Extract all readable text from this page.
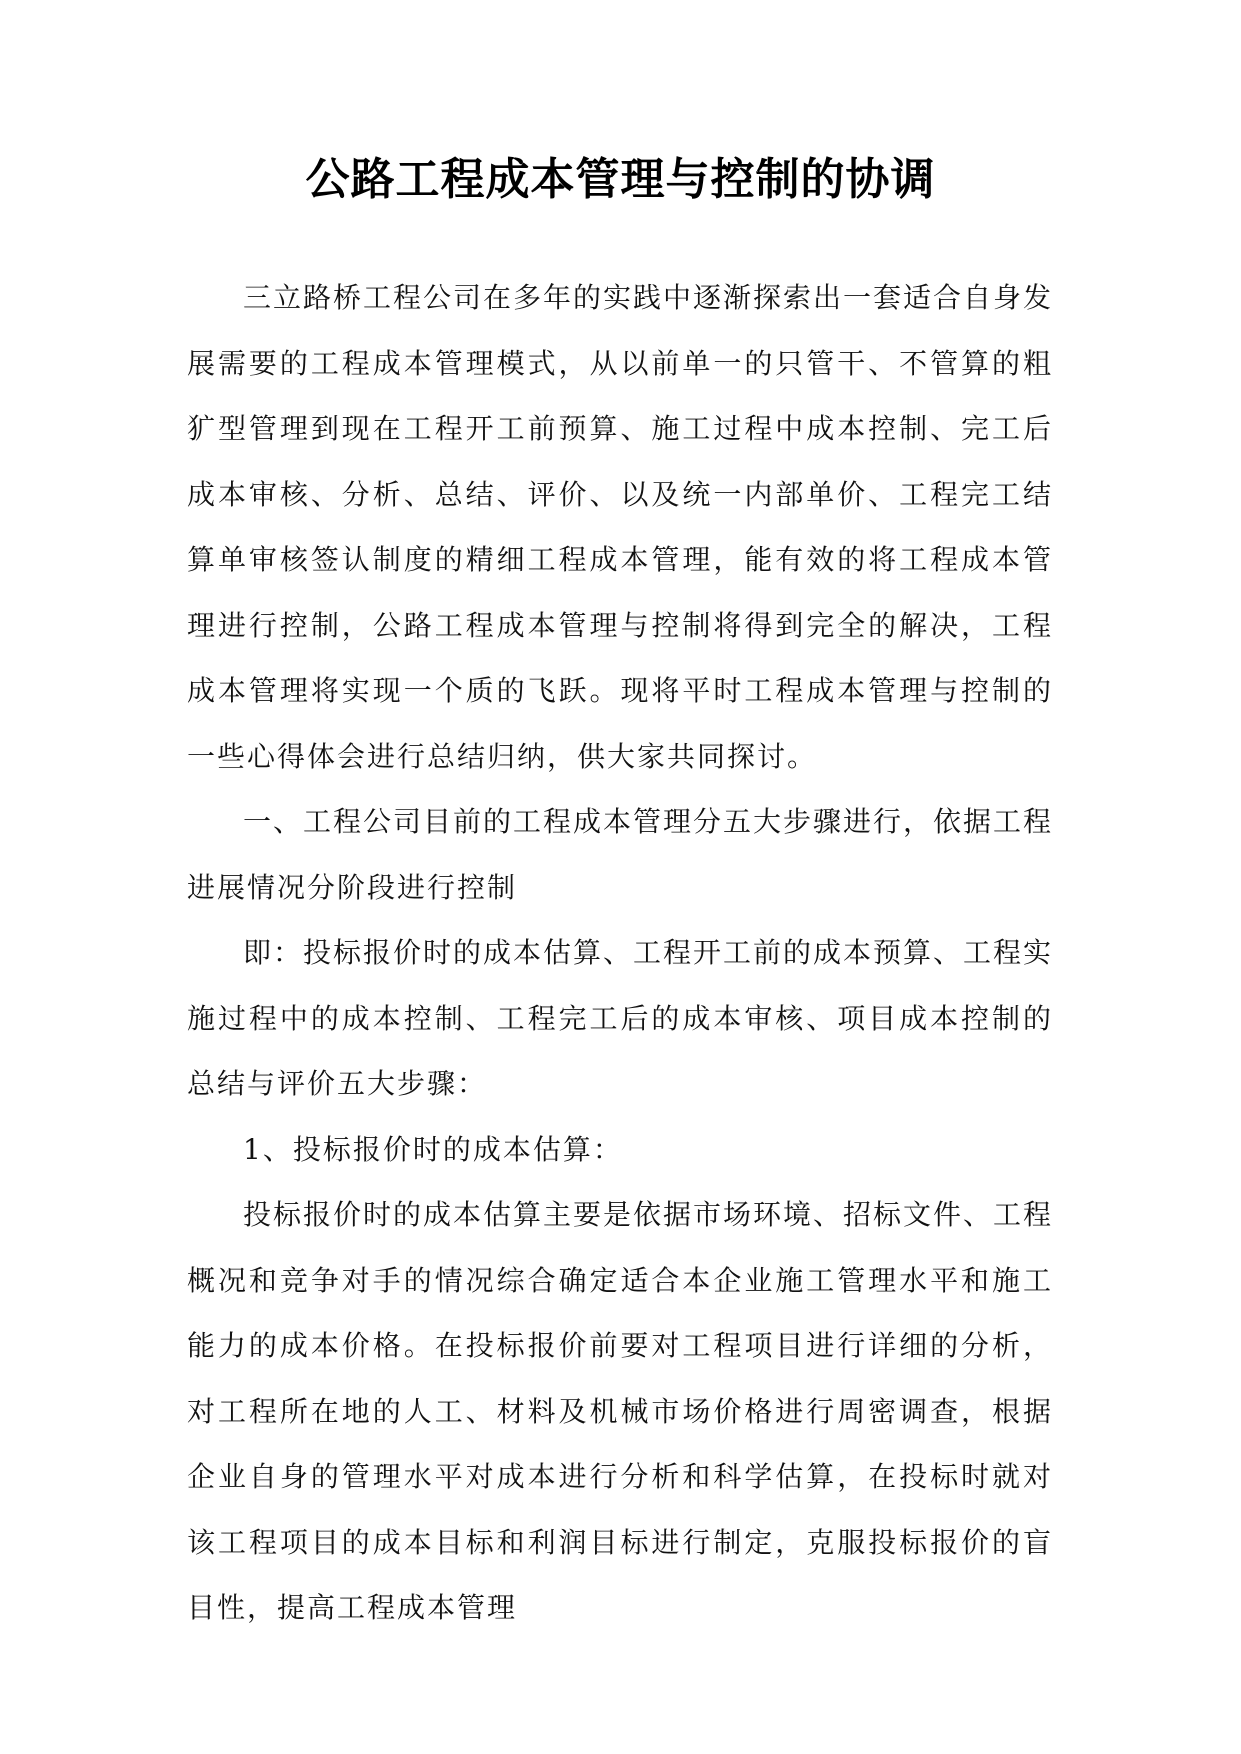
公路工程成本管理与控制的协调

三立路桥工程公司在多年的实践中逐渐探索出一套适合自身发展需要的工程成本管理模式，从以前单一的只管干、不管算的粗犷型管理到现在工程开工前预算、施工过程中成本控制、完工后成本审核、分析、总结、评价、以及统一内部单价、工程完工结算单审核签认制度的精细工程成本管理，能有效的将工程成本管理进行控制，公路工程成本管理与控制将得到完全的解决，工程成本管理将实现一个质的飞跃。现将平时工程成本管理与控制的一些心得体会进行总结归纳，供大家共同探讨。

一、工程公司目前的工程成本管理分五大步骤进行，依据工程进展情况分阶段进行控制

即：投标报价时的成本估算、工程开工前的成本预算、工程实施过程中的成本控制、工程完工后的成本审核、项目成本控制的总结与评价五大步骤：

1、投标报价时的成本估算：

投标报价时的成本估算主要是依据市场环境、招标文件、工程概况和竞争对手的情况综合确定适合本企业施工管理水平和施工能力的成本价格。在投标报价前要对工程项目进行详细的分析，对工程所在地的人工、材料及机械市场价格进行周密调查，根据企业自身的管理水平对成本进行分析和科学估算，在投标时就对该工程项目的成本目标和利润目标进行制定，克服投标报价的盲目性，提高工程成本管理
